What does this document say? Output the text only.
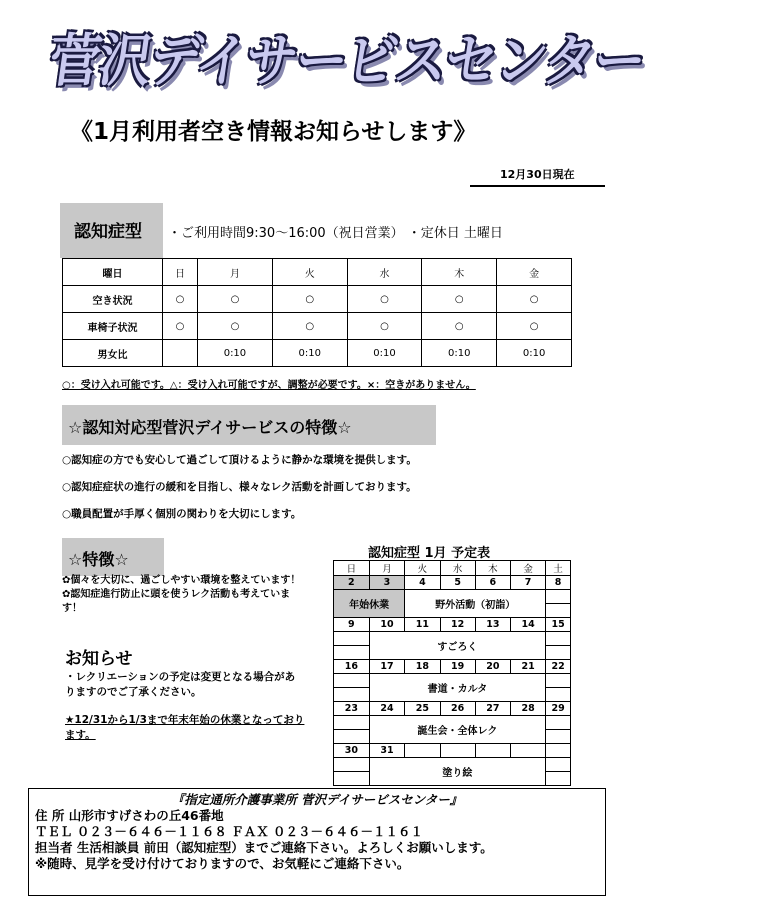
菅沢デイサービスセンター
《1月利用者空き情報お知らせします》
12月30日現在
認知症型	・ご利用時間9:30〜16:00（祝日営業） ・定休日 土曜日
曜日	日	月	火	水	木	金
空き状況	○	○	○	○	○	○
車椅子状況	○	○	○	○	○	○
男女比		0:10	0:10	0:10	0:10	0:10
○：受け入れ可能です。△：受け入れ可能ですが、調整が必要です。×：空きがありません。
☆認知対応型菅沢デイサービスの特徴☆
○認知症の方でも安心して過ごして頂けるように静かな環境を提供します。
○認知症症状の進行の緩和を目指し、様々なレク活動を計画しております。
○職員配置が手厚く個別の関わりを大切にします。
☆特徴☆
✿個々を大切に、過ごしやすい環境を整えています！
✿認知症進行防止に頭を使うレク活動も考えています！
お知らせ
・レクリエーションの予定は変更となる場合がありますのでご了承ください。
★12/31から1/3まで年末年始の休業となっております。
認知症型 1月 予定表
日	月	火	水	木	金	土
2	3	4	5	6	7	8
年始休業		野外活動（初詣）				

9	10	11	12	13	14	15
	すごろく					

16	17	18	19	20	21	22
	書道・カルタ					

23	24	25	26	27	28	29
	誕生会・全体レク					

30	31					
	塗り絵					

『指定通所介護事業所 菅沢デイサービスセンター』
住 所 山形市すげさわの丘46番地
ＴＥＬ ０２３－６４６－１１６８ ＦＡＸ ０２３－６４６－１１６１
担当者 生活相談員 前田（認知症型）までご連絡下さい。よろしくお願いします。
※随時、見学を受け付けておりますので、お気軽にご連絡下さい。
